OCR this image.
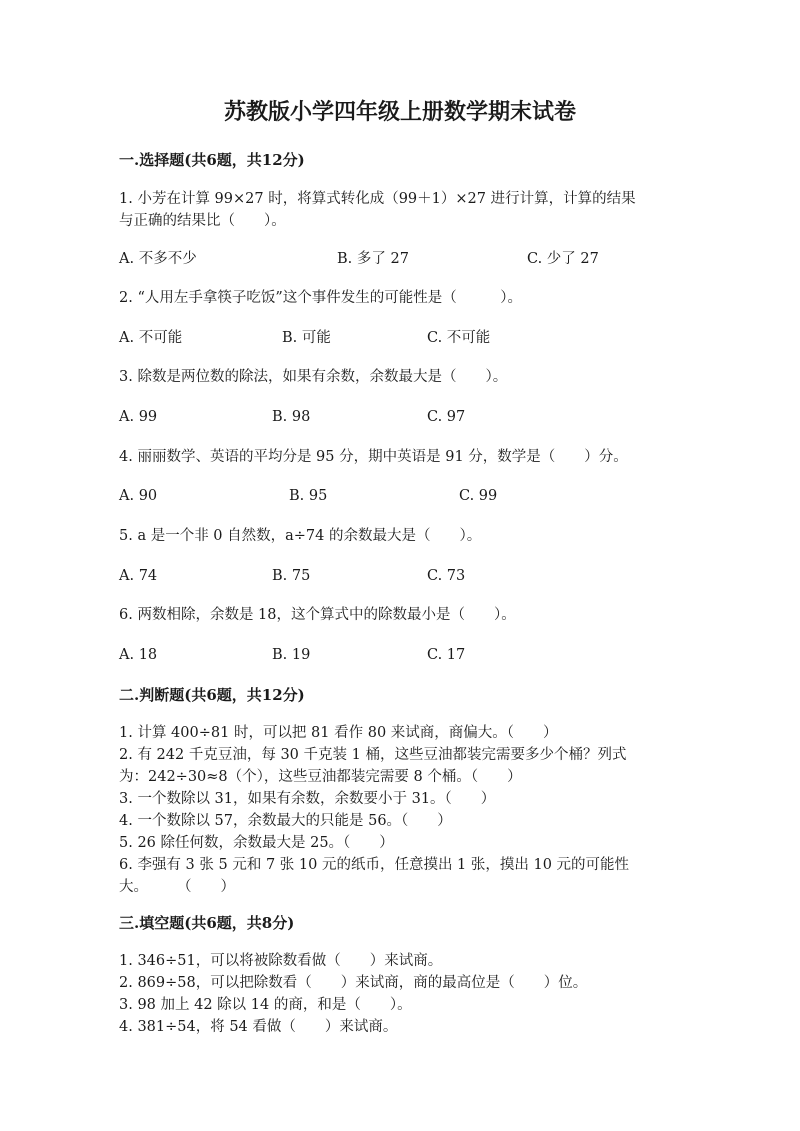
苏教版小学四年级上册数学期末试卷
一.选择题(共6题，共12分)
1. 小芳在计算 99×27 时，将算式转化成（99＋1）×27 进行计算，计算的结果
与正确的结果比（　　）。
A. 不多不少	B. 多了 27	C. 少了 27
2. “人用左手拿筷子吃饭”这个事件发生的可能性是（　　　）。
A. 不可能	B. 可能	C. 不可能
3. 除数是两位数的除法，如果有余数，余数最大是（　　）。
A. 99	B. 98	C. 97
4. 丽丽数学、英语的平均分是 95 分，期中英语是 91 分，数学是（　　）分。
A. 90	B. 95	C. 99
5. a 是一个非 0 自然数，a÷74 的余数最大是（　　）。
A. 74	B. 75	C. 73
6. 两数相除，余数是 18，这个算式中的除数最小是（　　）。
A. 18	B. 19	C. 17
二.判断题(共6题，共12分)
1. 计算 400÷81 时，可以把 81 看作 80 来试商，商偏大。（　　）
2. 有 242 千克豆油，每 30 千克装 1 桶，这些豆油都装完需要多少个桶？列式
为：242÷30≈8（个），这些豆油都装完需要 8 个桶。（　　）
3. 一个数除以 31，如果有余数，余数要小于 31。（　　）
4. 一个数除以 57，余数最大的只能是 56。（　　）
5. 26 除任何数，余数最大是 25。（　　）
6. 李强有 3 张 5 元和 7 张 10 元的纸币，任意摸出 1 张，摸出 10 元的可能性
大。　　　（　　）
三.填空题(共6题，共8分)
1. 346÷51，可以将被除数看做（　　）来试商。
2. 869÷58，可以把除数看（　　）来试商，商的最高位是（　　）位。
3. 98 加上 42 除以 14 的商，和是（　　）。
4. 381÷54，将 54 看做（　　）来试商。
